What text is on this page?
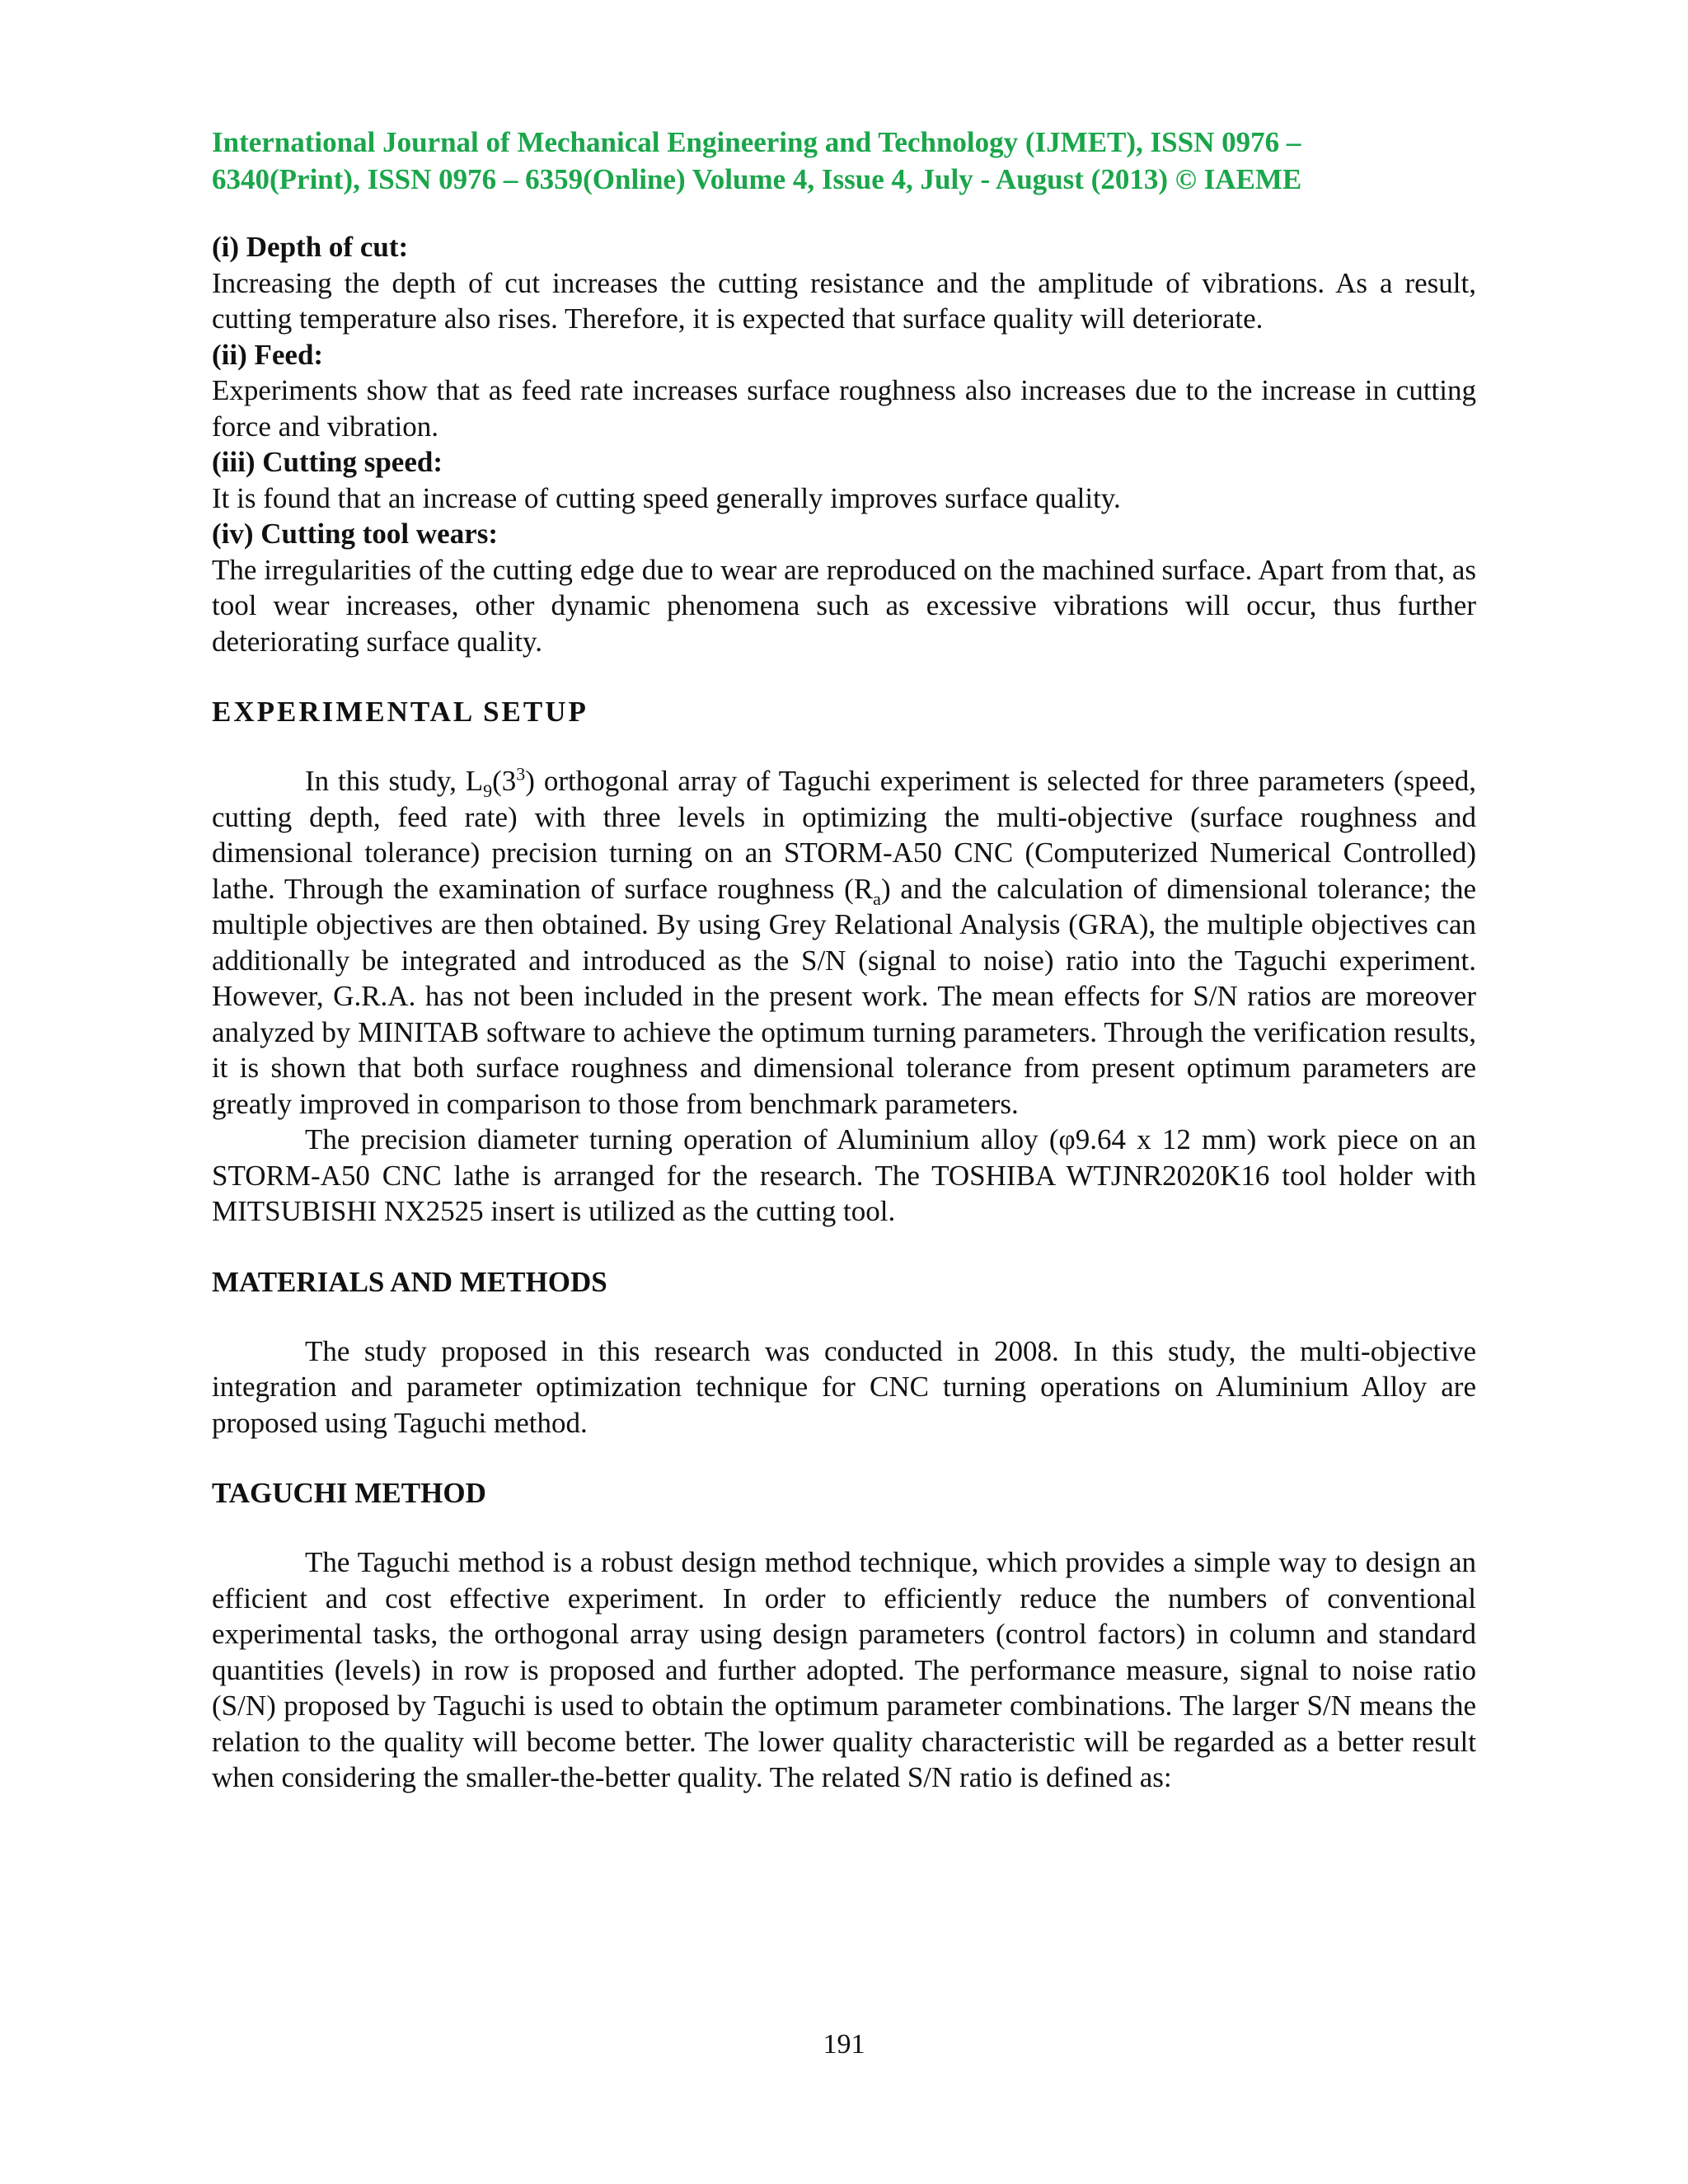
International Journal of Mechanical Engineering and Technology (IJMET), ISSN 0976 –
6340(Print), ISSN 0976 – 6359(Online) Volume 4, Issue 4, July - August (2013) © IAEME

(i) Depth of cut:

Increasing the depth of cut increases the cutting resistance and the amplitude of vibrations. As a result, cutting temperature also rises. Therefore, it is expected that surface quality will deteriorate.

(ii) Feed:

Experiments show that as feed rate increases surface roughness also increases due to the increase in cutting force and vibration.

(iii) Cutting speed:

It is found that an increase of cutting speed generally improves surface quality.

(iv) Cutting tool wears:

The irregularities of the cutting edge due to wear are reproduced on the machined surface. Apart from that, as tool wear increases, other dynamic phenomena such as excessive vibrations will occur, thus further deteriorating surface quality.

EXPERIMENTAL SETUP

In this study, $L_9(3^3)$ orthogonal array of Taguchi experiment is selected for three parameters (speed, cutting depth, feed rate) with three levels in optimizing the multi-objective (surface roughness and dimensional tolerance) precision turning on an STORM-A50 CNC (Computerized Numerical Controlled) lathe. Through the examination of surface roughness $(R_a)$ and the calculation of dimensional tolerance; the multiple objectives are then obtained. By using Grey Relational Analysis (GRA), the multiple objectives can additionally be integrated and introduced as the S/N (signal to noise) ratio into the Taguchi experiment. However, G.R.A. has not been included in the present work. The mean effects for S/N ratios are moreover analyzed by MINITAB software to achieve the optimum turning parameters. Through the verification results, it is shown that both surface roughness and dimensional tolerance from present optimum parameters are greatly improved in comparison to those from benchmark parameters.

The precision diameter turning operation of Aluminium alloy (φ9.64 x 12 mm) work piece on an STORM-A50 CNC lathe is arranged for the research. The TOSHIBA WTJNR2020K16 tool holder with MITSUBISHI NX2525 insert is utilized as the cutting tool.

MATERIALS AND METHODS

The study proposed in this research was conducted in 2008. In this study, the multi-objective integration and parameter optimization technique for CNC turning operations on Aluminium Alloy are proposed using Taguchi method.

TAGUCHI METHOD

The Taguchi method is a robust design method technique, which provides a simple way to design an efficient and cost effective experiment. In order to efficiently reduce the numbers of conventional experimental tasks, the orthogonal array using design parameters (control factors) in column and standard quantities (levels) in row is proposed and further adopted. The performance measure, signal to noise ratio (S/N) proposed by Taguchi is used to obtain the optimum parameter combinations. The larger S/N means the relation to the quality will become better. The lower quality characteristic will be regarded as a better result when considering the smaller-the-better quality. The related S/N ratio is defined as:

191
